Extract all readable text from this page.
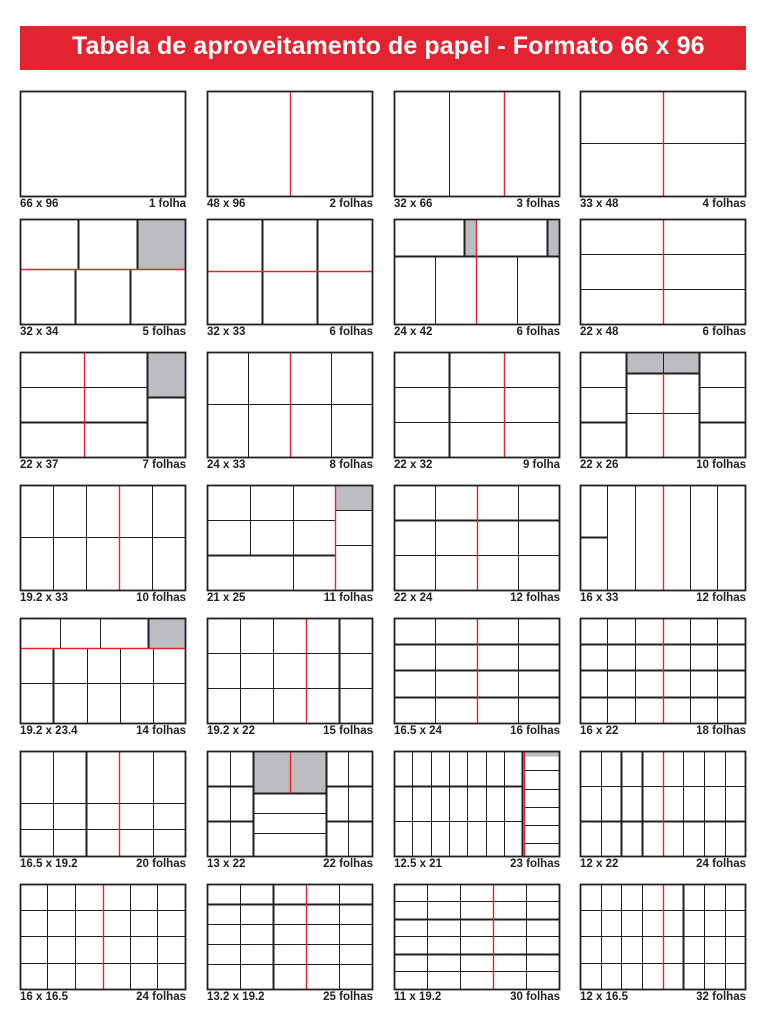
Tabela de aproveitamento de papel - Formato 66 x 96
66 x 96	1 folha 48 x 96	2 folhas 32 x 66	3 folhas 33 x 48	4 folhas
32 x 34	5 folhas 32 x 33	6 folhas 24 x 42	6 folhas 22 x 48	6 folhas
22 x 37	7 folhas 24 x 33	8 folhas 22 x 32	9 folha 22 x 26	10 folhas
19.2 x 33	10 folhas 21 x 25	11 folhas 22 x 24	12 folhas 16 x 33	12 folhas
19.2 x 23.4	14 folhas 19.2 x 22	15 folhas 16.5 x 24	16 folhas 16 x 22	18 folhas
16.5 x 19.2	20 folhas 13 x 22	22 folhas 12.5 x 21	23 folhas 12 x 22	24 folhas
16 x 16.5	24 folhas 13.2 x 19.2	25 folhas 11 x 19.2	30 folhas 12 x 16.5	32 folhas
